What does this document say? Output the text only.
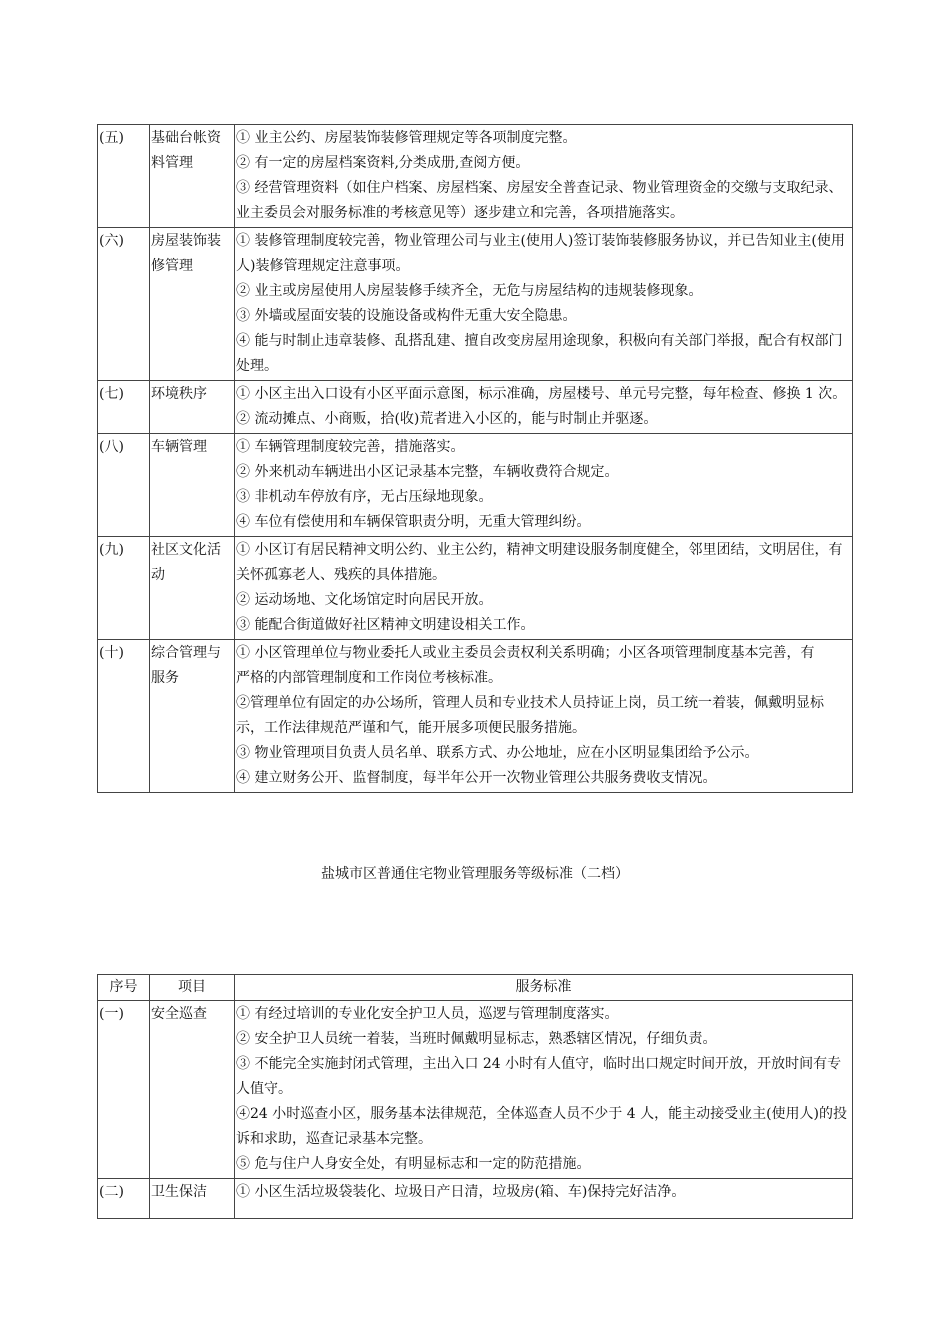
(五)	基础台帐资料管理	① 业主公约、房屋装饰装修管理规定等各项制度完整。
② 有一定的房屋档案资料,分类成册,查阅方便。
③ 经营管理资料（如住户档案、房屋档案、房屋安全普查记录、物业管理资金的交缴与支取纪录、业主委员会对服务标准的考核意见等）逐步建立和完善，各项措施落实。

(六)	房屋装饰装修管理	① 装修管理制度较完善，物业管理公司与业主(使用人)签订装饰装修服务协议，并已告知业主(使用人)装修管理规定注意事项。
② 业主或房屋使用人房屋装修手续齐全，无危与房屋结构的违规装修现象。
③ 外墙或屋面安装的设施设备或构件无重大安全隐患。
④ 能与时制止违章装修、乱搭乱建、擅自改变房屋用途现象，积极向有关部门举报，配合有权部门处理。

(七)	环境秩序	① 小区主出入口设有小区平面示意图，标示准确，房屋楼号、单元号完整，每年检查、修换 1 次。
② 流动摊点、小商贩，拾(收)荒者进入小区的，能与时制止并驱逐。

(八)	车辆管理	① 车辆管理制度较完善，措施落实。
② 外来机动车辆进出小区记录基本完整，车辆收费符合规定。
③ 非机动车停放有序，无占压绿地现象。
④ 车位有偿使用和车辆保管职责分明，无重大管理纠纷。

(九)	社区文化活动	① 小区订有居民精神文明公约、业主公约，精神文明建设服务制度健全，邻里团结，文明居住，有关怀孤寡老人、残疾的具体措施。
② 运动场地、文化场馆定时向居民开放。
③ 能配合街道做好社区精神文明建设相关工作。

(十)	综合管理与服务	① 小区管理单位与物业委托人或业主委员会责权利关系明确；小区各项管理制度基本完善，有
严格的内部管理制度和工作岗位考核标准。
②管理单位有固定的办公场所，管理人员和专业技术人员持证上岗，员工统一着装，佩戴明显标示，工作法律规范严谨和气，能开展多项便民服务措施。
③ 物业管理项目负责人员名单、联系方式、办公地址，应在小区明显集团给予公示。
④ 建立财务公开、监督制度，每半年公开一次物业管理公共服务费收支情况。
盐城市区普通住宅物业管理服务等级标准（二档）
序号	项目	服务标准
(一)	安全巡查	① 有经过培训的专业化安全护卫人员，巡逻与管理制度落实。
② 安全护卫人员统一着装，当班时佩戴明显标志，熟悉辖区情况，仔细负责。
③ 不能完全实施封闭式管理，主出入口 24 小时有人值守，临时出口规定时间开放，开放时间有专人值守。
④24 小时巡查小区，服务基本法律规范，全体巡查人员不少于 4 人，能主动接受业主(使用人)的投诉和求助，巡查记录基本完整。
⑤ 危与住户人身安全处，有明显标志和一定的防范措施。

(二)	卫生保洁	① 小区生活垃圾袋装化、垃圾日产日清，垃圾房(箱、车)保持完好洁净。
